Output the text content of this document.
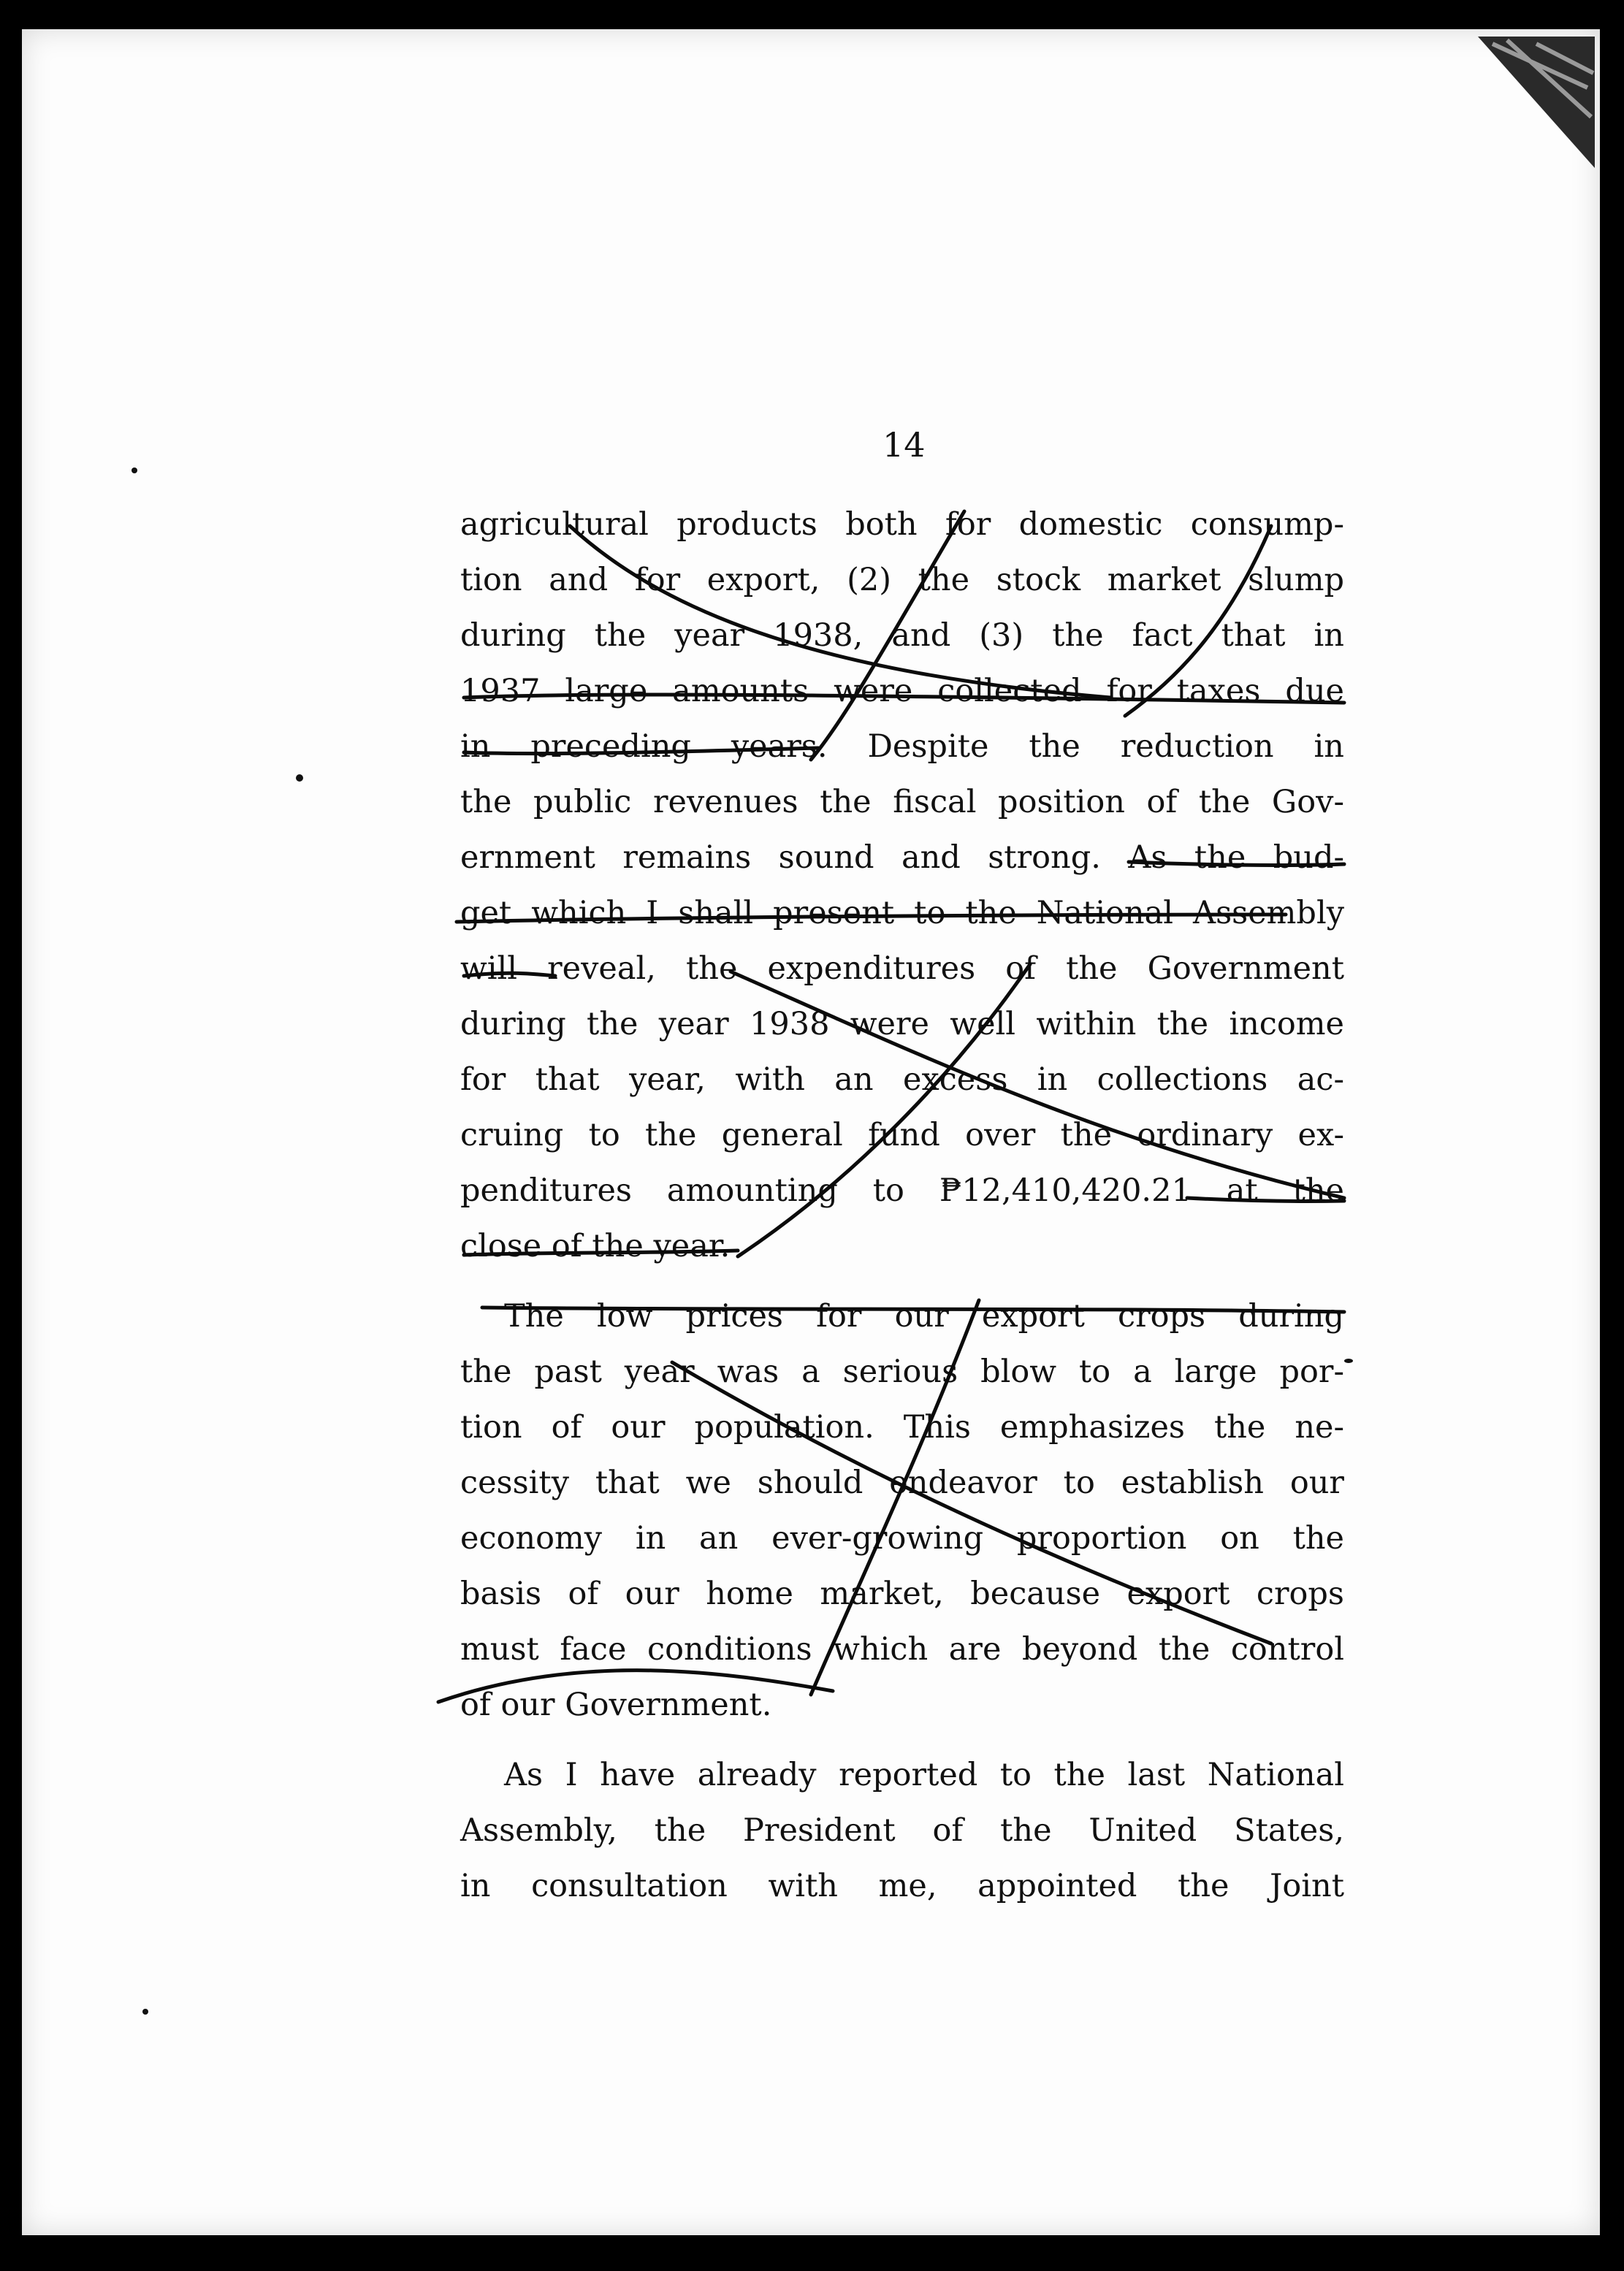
14
agricultural products both for domestic consump-
tion and for export, (2) the stock market slump
during the year 1938, and (3) the fact that in
1937 large amounts were collected for taxes due
in preceding years. Despite the reduction in
the public revenues the fiscal position of the Gov-
ernment remains sound and strong. As the bud-
get which I shall present to the National Assembly
will reveal, the expenditures of the Government
during the year 1938 were well within the income
for that year, with an excess in collections ac-
cruing to the general fund over the ordinary ex-
penditures amounting to ₱12,410,420.21 at the
close of the year.
The low prices for our export crops during
the past year was a serious blow to a large por-
tion of our population. This emphasizes the ne-
cessity that we should endeavor to establish our
economy in an ever-growing proportion on the
basis of our home market, because export crops
must face conditions which are beyond the control
of our Government.
As I have already reported to the last National
Assembly, the President of the United States,
in consultation with me, appointed the Joint
